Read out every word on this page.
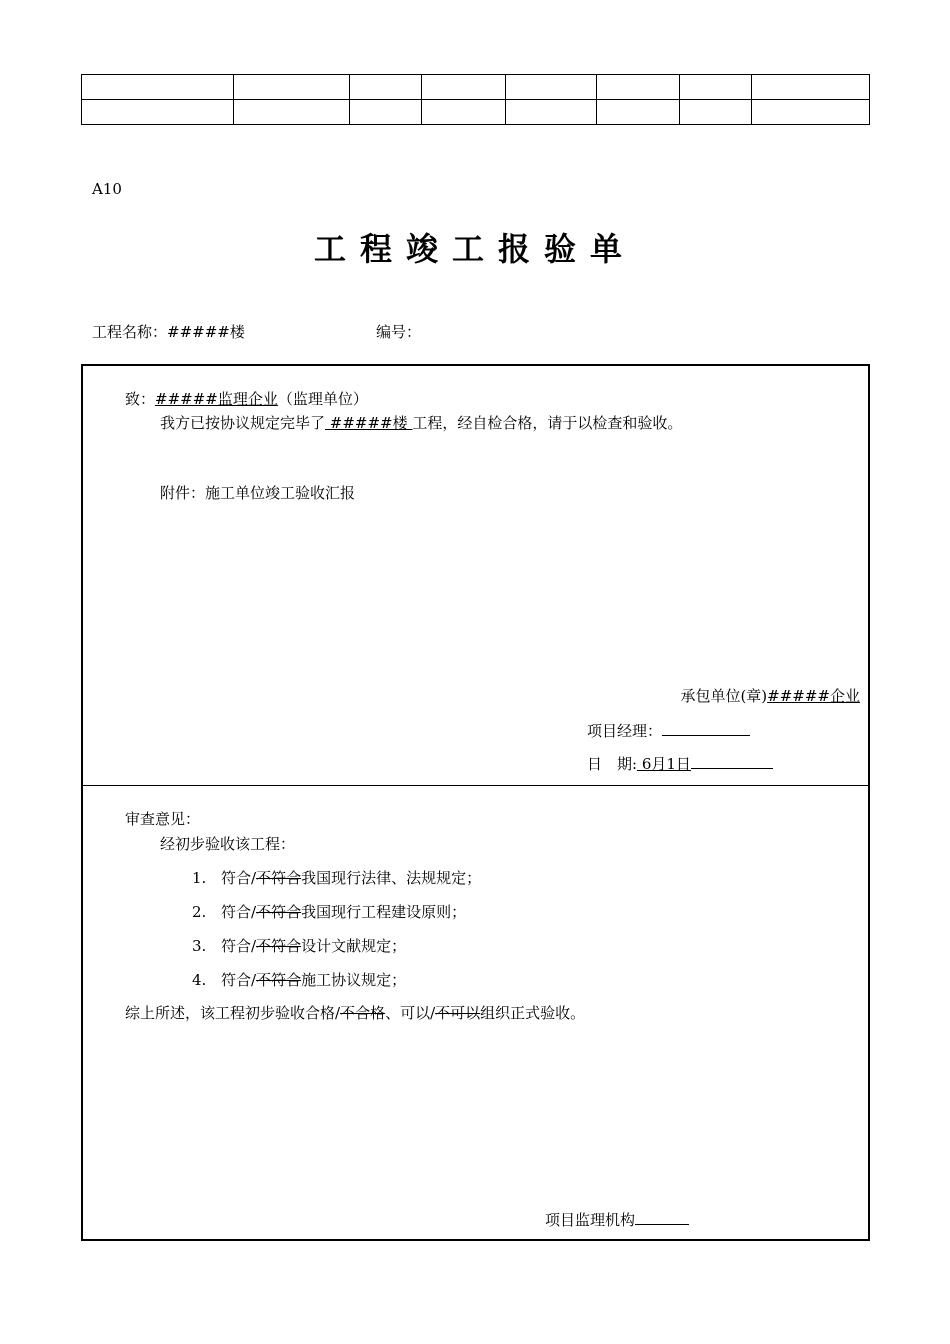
A10
工程竣工报验单
工程名称：#####楼	编号：
致：#####监理企业（监理单位）
我方已按协议规定完毕了 #####楼 工程，经自检合格，请于以检查和验收。
附件：施工单位竣工验收汇报
承包单位(章)#####企业
项目经理：
日　期: 6月1日
审查意见：
经初步验收该工程：
1. 符合/不符合我国现行法律、法规规定；
2. 符合/不符合我国现行工程建设原则；
3. 符合/不符合设计文献规定；
4. 符合/不符合施工协议规定；
综上所述，该工程初步验收合格/不合格、可以/不可以组织正式验收。
项目监理机构
